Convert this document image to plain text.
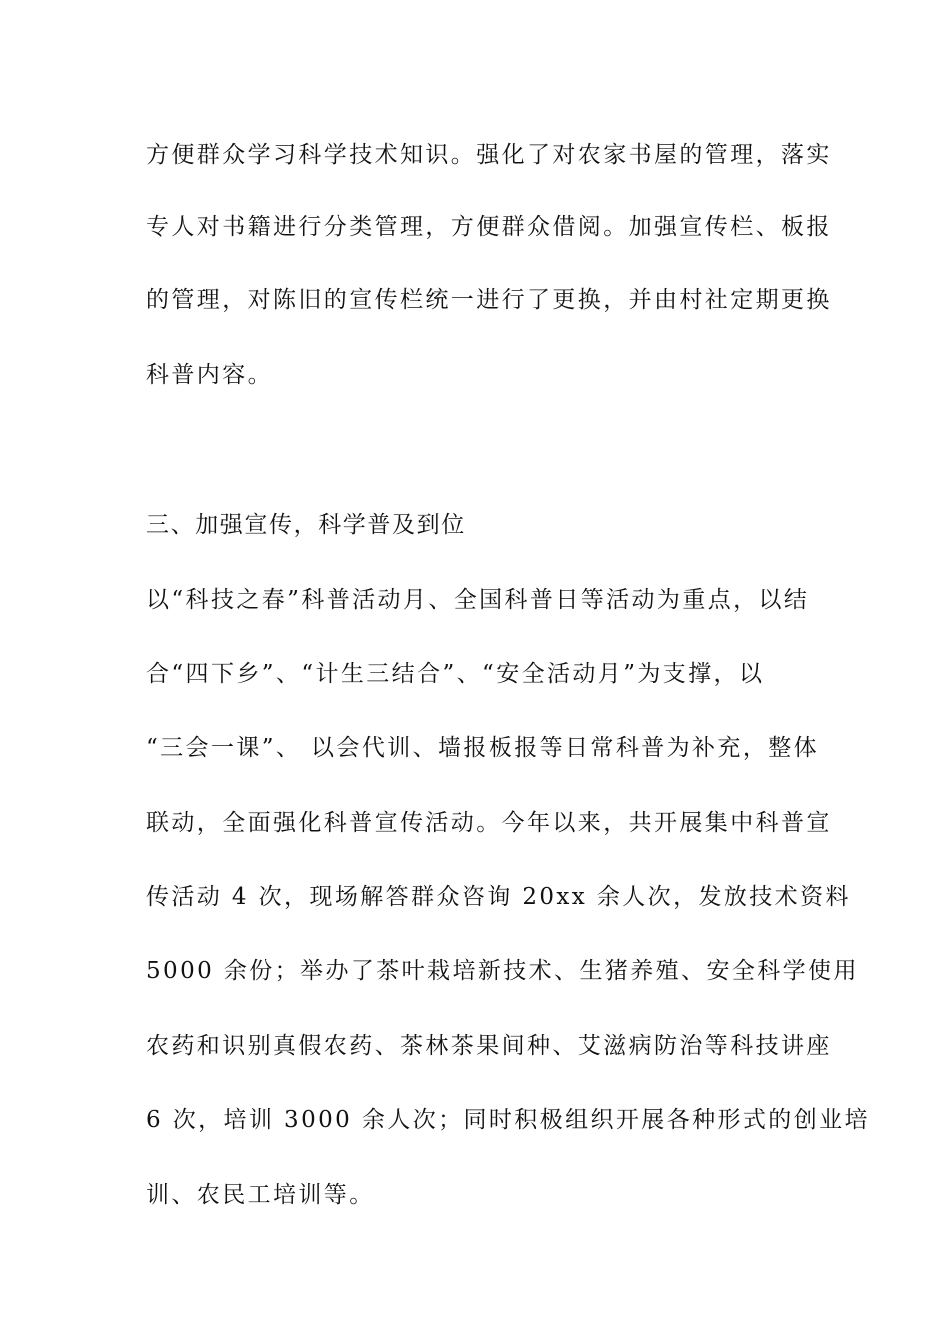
方便群众学习科学技术知识。强化了对农家书屋的管理，落实
专人对书籍进行分类管理，方便群众借阅。加强宣传栏、板报
的管理，对陈旧的宣传栏统一进行了更换，并由村社定期更换
科普内容。
三、加强宣传，科学普及到位
以“科技之春”科普活动月、全国科普日等活动为重点，以结
合“四下乡”、“计生三结合”、“安全活动月”为支撑，以
“三会一课”、 以会代训、墙报板报等日常科普为补充，整体
联动，全面强化科普宣传活动。今年以来，共开展集中科普宣
传活动 4 次，现场解答群众咨询 20xx 余人次，发放技术资料
5000 余份；举办了茶叶栽培新技术、生猪养殖、安全科学使用
农药和识别真假农药、茶林茶果间种、艾滋病防治等科技讲座
6 次，培训 3000 余人次；同时积极组织开展各种形式的创业培
训、农民工培训等。
